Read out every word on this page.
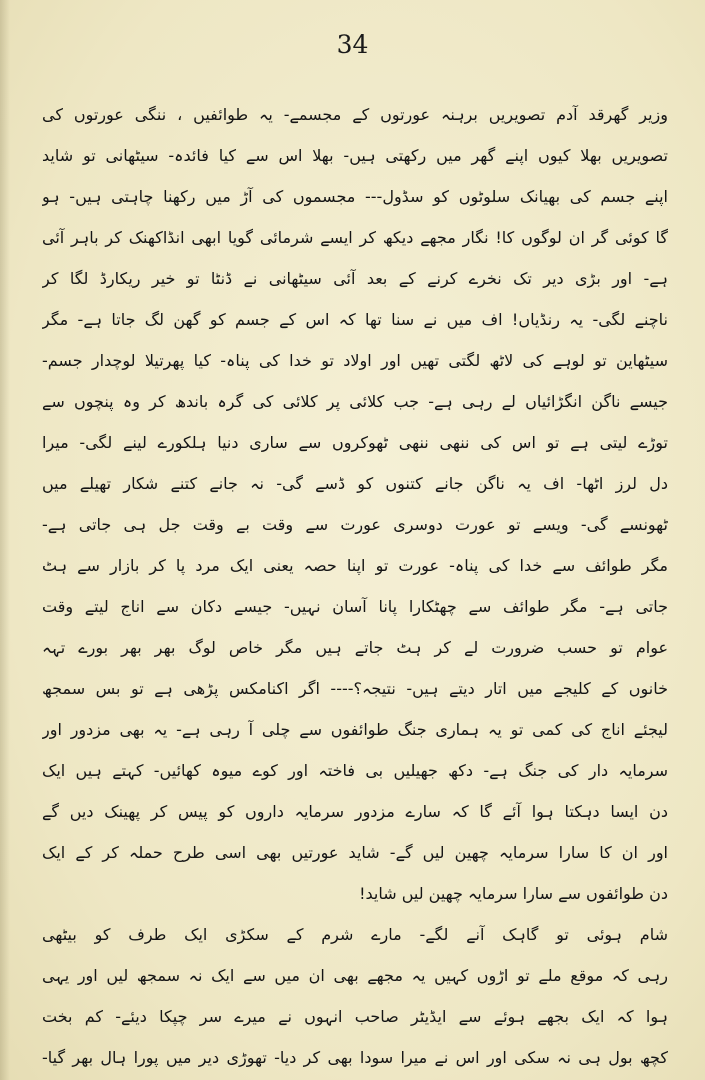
34
وزیر گھرقد آدم تصویریں برہنہ عورتوں کے مجسمے- یہ طوائفیں ، ننگی عورتوں کی
تصویریں بھلا کیوں اپنے گھر میں رکھتی ہیں- بھلا اس سے کیا فائدہ- سیٹھانی تو شاید
اپنے جسم کی بھیانک سلوٹوں کو سڈول--- مجسموں کی آڑ میں رکھنا چاہتی ہیں- ہو
گا کوئی گر ان لوگوں کا! نگار مجھے دیکھ کر ایسے شرمائی گویا ابھی انڈاکھنک کر باہر آئی
ہے- اور بڑی دیر تک نخرے کرنے کے بعد آئی سیٹھانی نے ڈنٹا تو خیر ریکارڈ لگا کر
ناچنے لگی- یہ رنڈیاں! اف میں نے سنا تھا کہ اس کے جسم کو گھن لگ جاتا ہے- مگر
سیٹھاین تو لوہے کی لاٹھ لگتی تھیں اور اولاد تو خدا کی پناہ- کیا پھرتیلا لوچدار جسم-
جیسے ناگن انگڑائیاں لے رہی ہے- جب کلائی پر کلائی کی گرہ باندھ کر وہ پنچوں سے
توڑے لیتی ہے تو اس کی ننھی ننھی ٹھوکروں سے ساری دنیا ہلکورے لینے لگی- میرا
دل لرز اٹھا- اف یہ ناگن جانے کتنوں کو ڈسے گی- نہ جانے کتنے شکار تھیلے میں
ٹھونسے گی- ویسے تو عورت دوسری عورت سے وقت بے وقت جل ہی جاتی ہے-
مگر طوائف سے خدا کی پناہ- عورت تو اپنا حصہ یعنی ایک مرد پا کر بازار سے ہٹ
جاتی ہے- مگر طوائف سے چھٹکارا پانا آسان نہیں- جیسے دکان سے اناج لیتے وقت
عوام تو حسب ضرورت لے کر ہٹ جاتے ہیں مگر خاص لوگ بھر بھر بورے تہہ
خانوں کے کلیجے میں اتار دیتے ہیں- نتیجہ؟---- اگر اکنامکس پڑھی ہے تو بس سمجھ
لیجئے اناج کی کمی تو یہ ہماری جنگ طوائفوں سے چلی آ رہی ہے- یہ بھی مزدور اور
سرمایہ دار کی جنگ ہے- دکھ جھیلیں بی فاختہ اور کوے میوہ کھائیں- کہتے ہیں ایک
دن ایسا دہکتا ہوا آئے گا کہ سارے مزدور سرمایہ داروں کو پیس کر پھینک دیں گے
اور ان کا سارا سرمایہ چھین لیں گے- شاید عورتیں بھی اسی طرح حملہ کر کے ایک
دن طوائفوں سے سارا سرمایہ چھین لیں شاید!
شام ہوئی تو گاہک آنے لگے- مارے شرم کے سکڑی ایک طرف کو بیٹھی
رہی کہ موقع ملے تو اڑوں کہیں یہ مجھے بھی ان میں سے ایک نہ سمجھ لیں اور یہی
ہوا کہ ایک بجھے ہوئے سے ایڈیٹر صاحب انہوں نے میرے سر چپکا دیئے- کم بخت
کچھ بول ہی نہ سکی اور اس نے میرا سودا بھی کر دیا- تھوڑی دیر میں پورا ہال بھر گیا-
